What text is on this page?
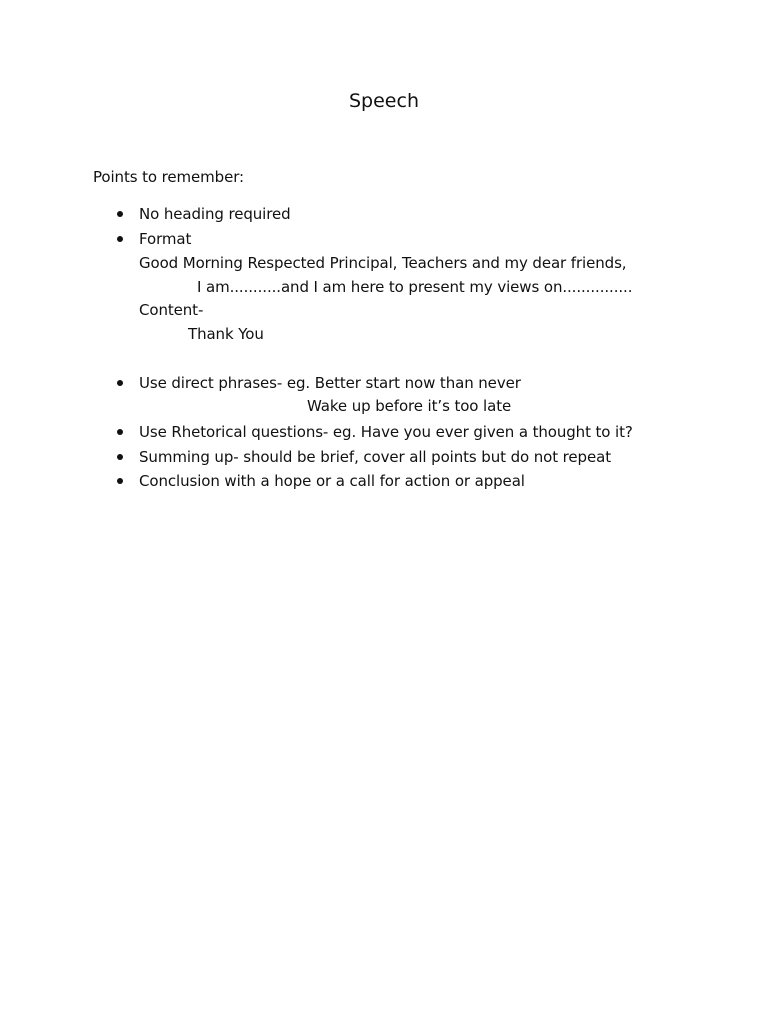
Speech
Points to remember:
No heading required
Format
Good Morning Respected Principal, Teachers and my dear friends,
I am...........and I am here to present my views on...............
Content-
Thank You
Use direct phrases- eg. Better start now than never
Wake up before it’s too late
Use Rhetorical questions- eg. Have you ever given a thought to it?
Summing up- should be brief, cover all points but do not repeat
Conclusion with a hope or a call for action or appeal
